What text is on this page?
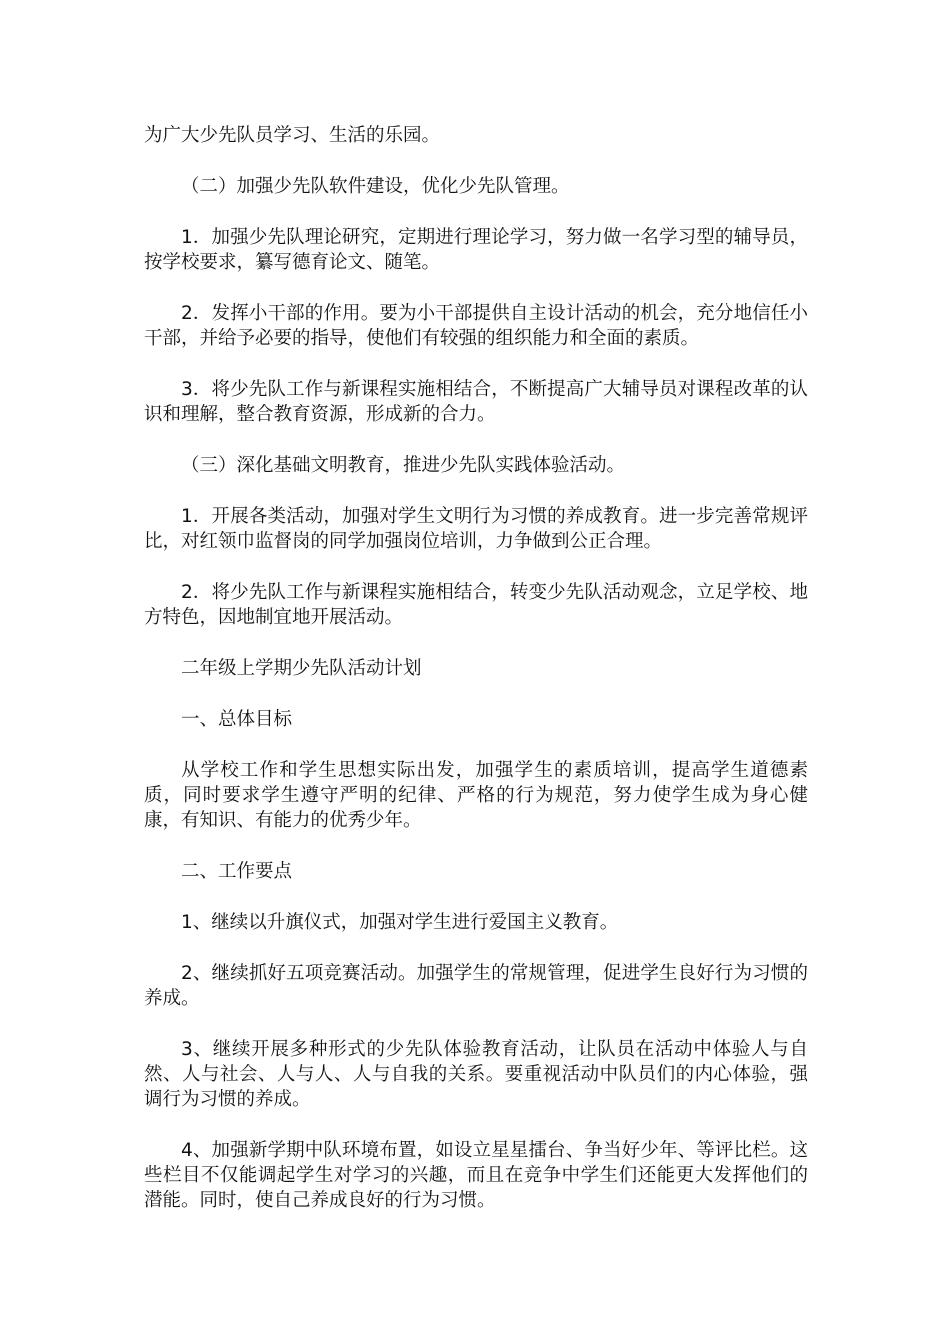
为广大少先队员学习、生活的乐园。

（二）加强少先队软件建设，优化少先队管理。

1．加强少先队理论研究，定期进行理论学习，努力做一名学习型的辅导员，按学校要求，纂写德育论文、随笔。

2．发挥小干部的作用。要为小干部提供自主设计活动的机会，充分地信任小干部，并给予必要的指导，使他们有较强的组织能力和全面的素质。

3．将少先队工作与新课程实施相结合，不断提高广大辅导员对课程改革的认识和理解，整合教育资源，形成新的合力。

（三）深化基础文明教育，推进少先队实践体验活动。

1．开展各类活动，加强对学生文明行为习惯的养成教育。进一步完善常规评比，对红领巾监督岗的同学加强岗位培训，力争做到公正合理。

2．将少先队工作与新课程实施相结合，转变少先队活动观念，立足学校、地方特色，因地制宜地开展活动。

二年级上学期少先队活动计划

一、总体目标

从学校工作和学生思想实际出发，加强学生的素质培训，提高学生道德素质，同时要求学生遵守严明的纪律、严格的行为规范，努力使学生成为身心健康，有知识、有能力的优秀少年。

二、工作要点

1、继续以升旗仪式，加强对学生进行爱国主义教育。

2、继续抓好五项竞赛活动。加强学生的常规管理，促进学生良好行为习惯的养成。

3、继续开展多种形式的少先队体验教育活动，让队员在活动中体验人与自然、人与社会、人与人、人与自我的关系。要重视活动中队员们的内心体验，强调行为习惯的养成。

4、加强新学期中队环境布置，如设立星星擂台、争当好少年、等评比栏。这些栏目不仅能调起学生对学习的兴趣，而且在竞争中学生们还能更大发挥他们的潜能。同时，使自己养成良好的行为习惯。
